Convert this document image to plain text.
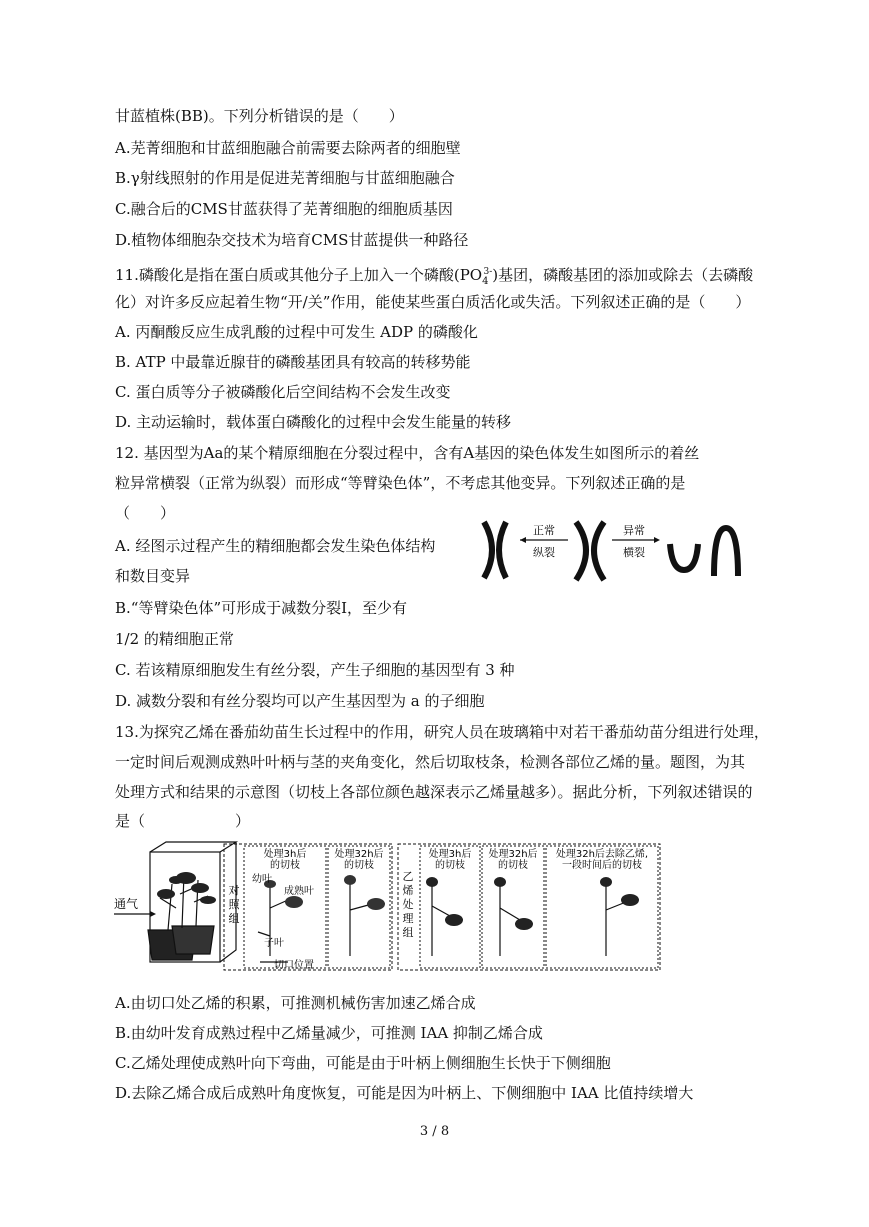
甘蓝植株(BB)。下列分析错误的是（　　）
A.芜菁细胞和甘蓝细胞融合前需要去除两者的细胞壁
B.γ射线照射的作用是促进芜菁细胞与甘蓝细胞融合
C.融合后的CMS甘蓝获得了芜菁细胞的细胞质基因
D.植物体细胞杂交技术为培育CMS甘蓝提供一种路径
11.磷酸化是指在蛋白质或其他分子上加入一个磷酸$(PO_4^{3-})$基团，磷酸基团的添加或除去（去磷酸
化）对许多反应起着生物“开/关”作用，能使某些蛋白质活化或失活。下列叙述正确的是（　　）
A. 丙酮酸反应生成乳酸的过程中可发生 ADP 的磷酸化
B. ATP 中最靠近腺苷的磷酸基团具有较高的转移势能
C. 蛋白质等分子被磷酸化后空间结构不会发生改变
D. 主动运输时，载体蛋白磷酸化的过程中会发生能量的转移
12. 基因型为Aa的某个精原细胞在分裂过程中，含有A基因的染色体发生如图所示的着丝
粒异常横裂（正常为纵裂）而形成“等臂染色体”，不考虑其他变异。下列叙述正确的是
（　　）
A. 经图示过程产生的精细胞都会发生染色体结构
和数目变异
B.“等臂染色体”可形成于减数分裂Ⅰ，至少有
1/2 的精细胞正常
C. 若该精原细胞发生有丝分裂，产生子细胞的基因型有 3 种
D. 减数分裂和有丝分裂均可以产生基因型为 a 的子细胞
13.为探究乙烯在番茄幼苗生长过程中的作用，研究人员在玻璃箱中对若干番茄幼苗分组进行处理，
一定时间后观测成熟叶叶柄与茎的夹角变化，然后切取枝条，检测各部位乙烯的量。题图，为其
处理方式和结果的示意图（切枝上各部位颜色越深表示乙烯量越多）。据此分析，下列叙述错误的
是（　　　　　　）
A.由切口处乙烯的积累，可推测机械伤害加速乙烯合成
B.由幼叶发育成熟过程中乙烯量减少，可推测 IAA 抑制乙烯合成
C.乙烯处理使成熟叶向下弯曲，可能是由于叶柄上侧细胞生长快于下侧细胞
D.去除乙烯合成后成熟叶角度恢复，可能是因为叶柄上、下侧细胞中 IAA 比值持续增大
正常
纵裂
异常
横裂
通气
对
照
组
处理3h后
的切枝
处理32h后
的切枝
幼叶
成熟叶
子叶
切口位置
乙
烯
处
理
组
处理3h后
的切枝
处理32h后
的切枝
处理32h后去除乙烯,
一段时间后的切枝
3 / 8
